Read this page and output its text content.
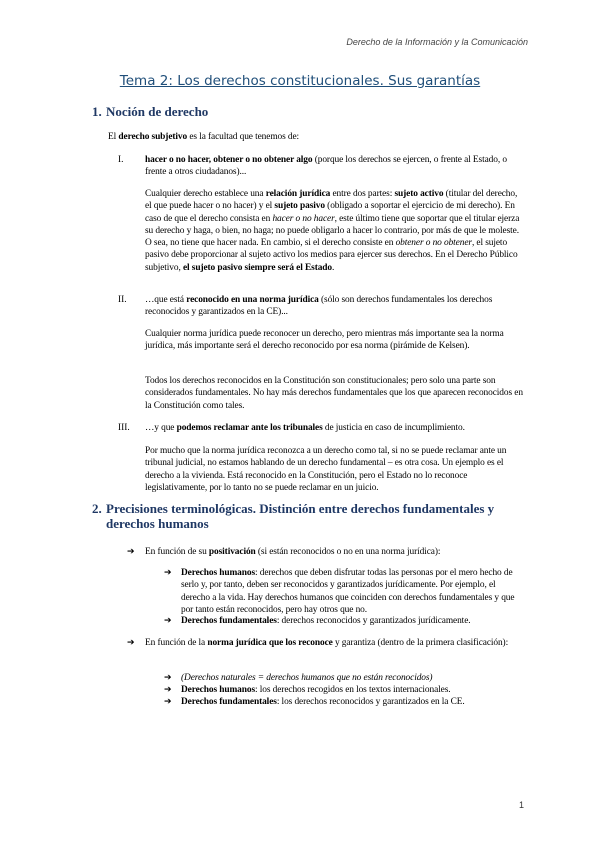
Derecho de la Información y la Comunicación
Tema 2: Los derechos constitucionales. Sus garantías
1. Noción de derecho
El derecho subjetivo es la facultad que tenemos de:
I. hacer o no hacer, obtener o no obtener algo (porque los derechos se ejercen, o frente al Estado, o frente a otros ciudadanos)...
Cualquier derecho establece una relación jurídica entre dos partes: sujeto activo (titular del derecho, el que puede hacer o no hacer) y el sujeto pasivo (obligado a soportar el ejercicio de mi derecho). En caso de que el derecho consista en hacer o no hacer, este último tiene que soportar que el titular ejerza su derecho y haga, o bien, no haga; no puede obligarlo a hacer lo contrario, por más de que le moleste. O sea, no tiene que hacer nada. En cambio, si el derecho consiste en obtener o no obtener, el sujeto pasivo debe proporcionar al sujeto activo los medios para ejercer sus derechos. En el Derecho Público subjetivo, el sujeto pasivo siempre será el Estado.
II. …que está reconocido en una norma jurídica (sólo son derechos fundamentales los derechos reconocidos y garantizados en la CE)...
Cualquier norma jurídica puede reconocer un derecho, pero mientras más importante sea la norma jurídica, más importante será el derecho reconocido por esa norma (pirámide de Kelsen).
Todos los derechos reconocidos en la Constitución son constitucionales; pero solo una parte son considerados fundamentales. No hay más derechos fundamentales que los que aparecen reconocidos en la Constitución como tales.
III. …y que podemos reclamar ante los tribunales de justicia en caso de incumplimiento.
Por mucho que la norma jurídica reconozca a un derecho como tal, si no se puede reclamar ante un tribunal judicial, no estamos hablando de un derecho fundamental – es otra cosa. Un ejemplo es el derecho a la vivienda. Está reconocido en la Constitución, pero el Estado no lo reconoce legislativamente, por lo tanto no se puede reclamar en un juicio.
2. Precisiones terminológicas. Distinción entre derechos fundamentales y derechos humanos
➔ En función de su positivación (si están reconocidos o no en una norma jurídica):
➔ Derechos humanos: derechos que deben disfrutar todas las personas por el mero hecho de serlo y, por tanto, deben ser reconocidos y garantizados jurídicamente. Por ejemplo, el derecho a la vida. Hay derechos humanos que coinciden con derechos fundamentales y que por tanto están reconocidos, pero hay otros que no.
➔ Derechos fundamentales: derechos reconocidos y garantizados jurídicamente.
➔ En función de la norma jurídica que los reconoce y garantiza (dentro de la primera clasificación):
➔ (Derechos naturales = derechos humanos que no están reconocidos)
➔ Derechos humanos: los derechos recogidos en los textos internacionales.
➔ Derechos fundamentales: los derechos reconocidos y garantizados en la CE.
1
